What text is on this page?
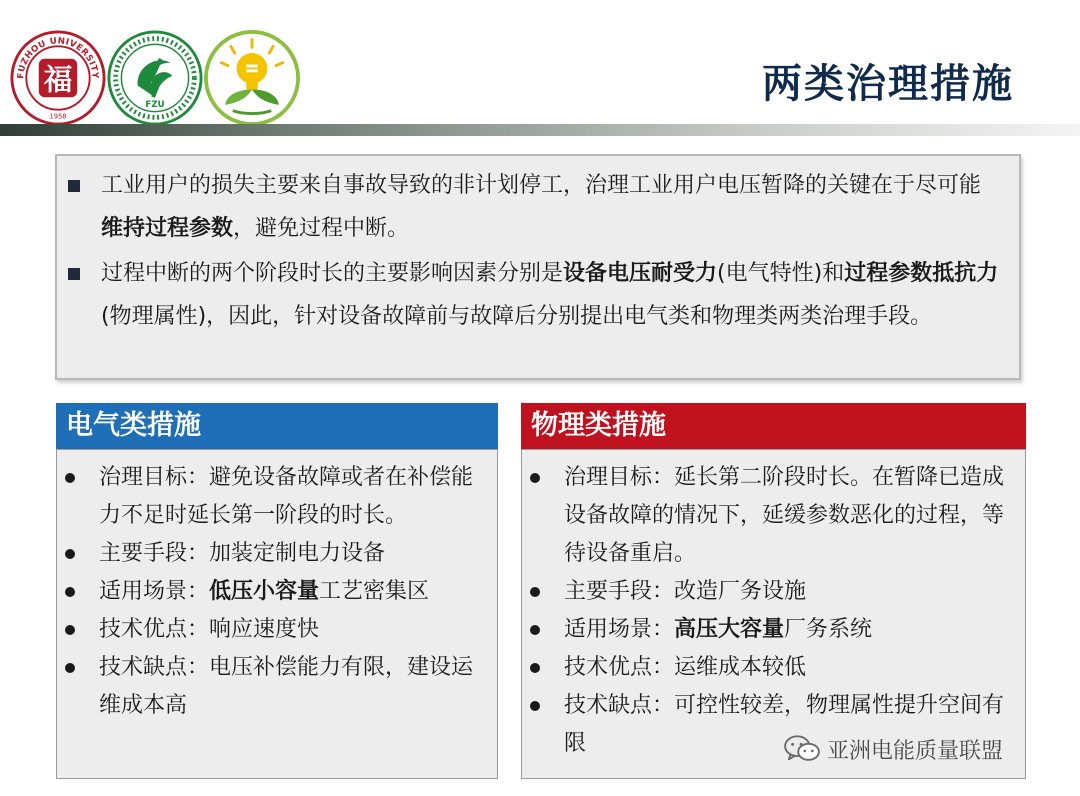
FUZHOU UNIVERSITY
福
1958
FZU	两类治理措施
工业用户的损失主要来自事故导致的非计划停工，治理工业用户电压暂降的关键在于尽可能维持过程参数，避免过程中断。
过程中断的两个阶段时长的主要影响因素分别是设备电压耐受力(电气特性)和过程参数抵抗力(物理属性)，因此，针对设备故障前与故障后分别提出电气类和物理类两类治理手段。
电气类措施
治理目标：避免设备故障或者在补偿能力不足时延长第一阶段的时长。
主要手段：加装定制电力设备
适用场景：低压小容量工艺密集区
技术优点：响应速度快
技术缺点：电压补偿能力有限，建设运维成本高
物理类措施
治理目标：延长第二阶段时长。在暂降已造成设备故障的情况下，延缓参数恶化的过程，等待设备重启。
主要手段：改造厂务设施
适用场景：高压大容量厂务系统
技术优点：运维成本较低
技术缺点：可控性较差，物理属性提升空间有限	亚洲电能质量联盟
